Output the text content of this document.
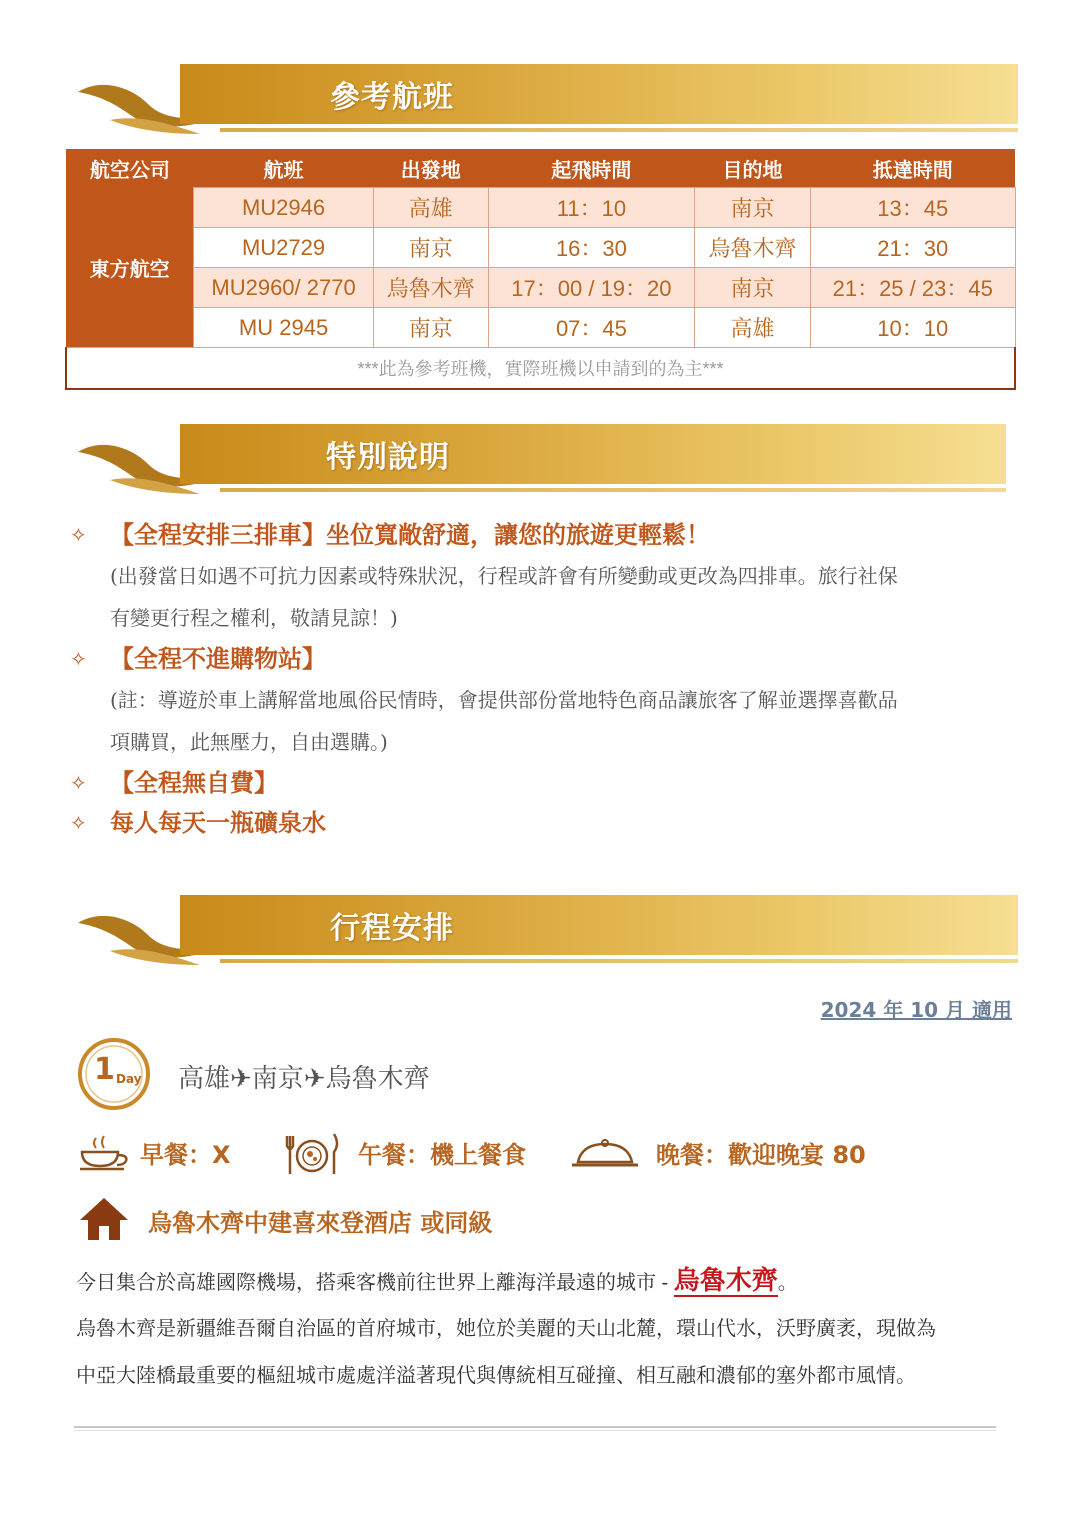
參考航班
航空公司	航班	出發地	起飛時間	目的地	抵達時間
東方航空	MU2946	高雄	11：10	南京	13：45
	MU2729	南京	16：30	烏魯木齊	21：30
	MU2960/ 2770	烏魯木齊	17：00 / 19：20	南京	21：25 / 23：45
	MU 2945	南京	07：45	高雄	10：10
***此為參考班機，實際班機以申請到的為主***					
特別說明
✧ 【全程安排三排車】坐位寬敞舒適，讓您的旅遊更輕鬆！
(出發當日如遇不可抗力因素或特殊狀況，行程或許會有所變動或更改為四排車。旅行社保
有變更行程之權利，敬請見諒！)
✧ 【全程不進購物站】
(註：導遊於車上講解當地風俗民情時，會提供部份當地特色商品讓旅客了解並選擇喜歡品
項購買，此無壓力，自由選購。)
✧ 【全程無自費】
✧ 每人每天一瓶礦泉水
行程安排
2024 年 10 月 適用
1 Day 高雄✈南京✈烏魯木齊
早餐：X	午餐：機上餐食	晚餐：歡迎晚宴 80
烏魯木齊中建喜來登酒店 或同級
今日集合於高雄國際機場，搭乘客機前往世界上離海洋最遠的城市 - 烏魯木齊。
烏魯木齊是新疆維吾爾自治區的首府城市，她位於美麗的天山北麓，環山代水，沃野廣袤，現做為
中亞大陸橋最重要的樞紐城市處處洋溢著現代與傳統相互碰撞、相互融和濃郁的塞外都市風情。
